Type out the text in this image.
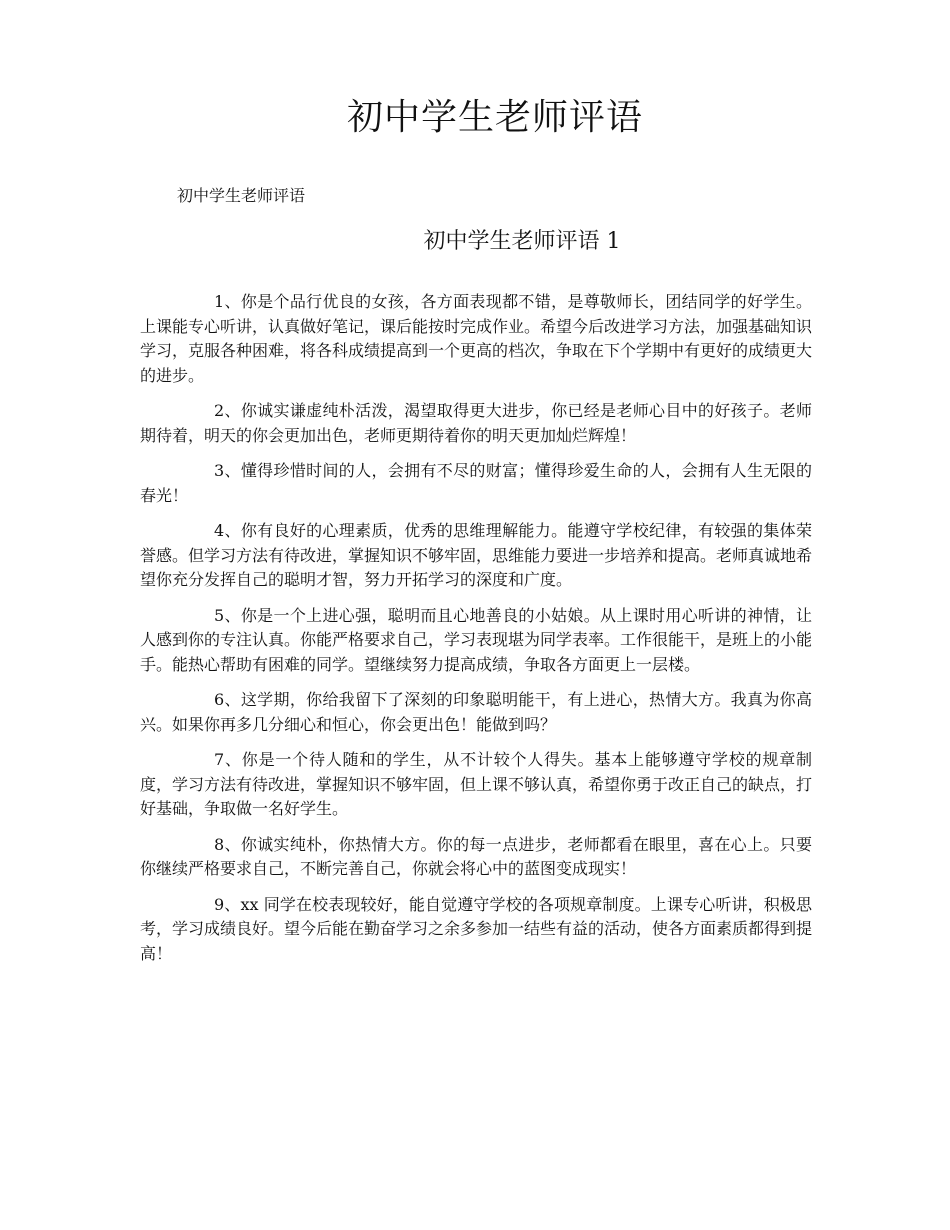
初中学生老师评语

初中学生老师评语

初中学生老师评语 1

1、你是个品行优良的女孩，各方面表现都不错，是尊敬师长，团结同学的好学生。上课能专心听讲，认真做好笔记，课后能按时完成作业。希望今后改进学习方法，加强基础知识学习，克服各种困难，将各科成绩提高到一个更高的档次，争取在下个学期中有更好的成绩更大的进步。

2、你诚实谦虚纯朴活泼，渴望取得更大进步，你已经是老师心目中的好孩子。老师期待着，明天的你会更加出色，老师更期待着你的明天更加灿烂辉煌！

3、懂得珍惜时间的人，会拥有不尽的财富；懂得珍爱生命的人，会拥有人生无限的春光！

4、你有良好的心理素质，优秀的思维理解能力。能遵守学校纪律，有较强的集体荣誉感。但学习方法有待改进，掌握知识不够牢固，思维能力要进一步培养和提高。老师真诚地希望你充分发挥自己的聪明才智，努力开拓学习的深度和广度。

5、你是一个上进心强，聪明而且心地善良的小姑娘。从上课时用心听讲的神情，让人感到你的专注认真。你能严格要求自己，学习表现堪为同学表率。工作很能干，是班上的小能手。能热心帮助有困难的同学。望继续努力提高成绩，争取各方面更上一层楼。

6、这学期，你给我留下了深刻的印象聪明能干，有上进心，热情大方。我真为你高兴。如果你再多几分细心和恒心，你会更出色！能做到吗？

7、你是一个待人随和的学生，从不计较个人得失。基本上能够遵守学校的规章制度，学习方法有待改进，掌握知识不够牢固，但上课不够认真，希望你勇于改正自己的缺点，打好基础，争取做一名好学生。

8、你诚实纯朴，你热情大方。你的每一点进步，老师都看在眼里，喜在心上。只要你继续严格要求自己，不断完善自己，你就会将心中的蓝图变成现实！

9、xx 同学在校表现较好，能自觉遵守学校的各项规章制度。上课专心听讲，积极思考，学习成绩良好。望今后能在勤奋学习之余多参加一结些有益的活动，使各方面素质都得到提高！
